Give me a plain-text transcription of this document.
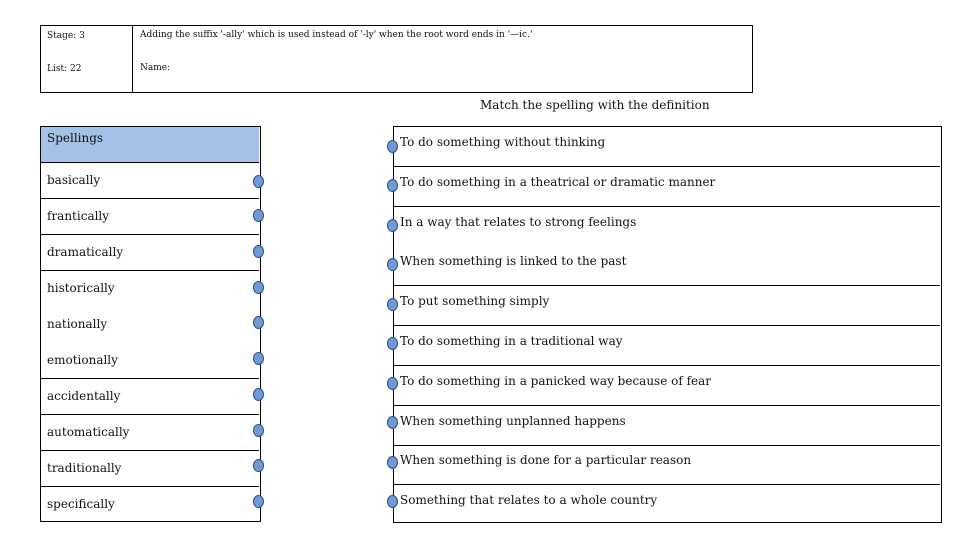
Stage: 3	Adding the suffix '-ally' which is used instead of '-ly' when the root word ends in '—ic.'
List: 22	Name:
Match the spelling with the definition
Spellings
basically
frantically
dramatically
historically
nationally
emotionally
accidentally
automatically
traditionally
specifically
To do something without thinking
To do something in a theatrical or dramatic manner
In a way that relates to strong feelings
When something is linked to the past
To put something simply
To do something in a traditional way
To do something in a panicked way because of fear
When something unplanned happens
When something is done for a particular reason
Something that relates to a whole country
